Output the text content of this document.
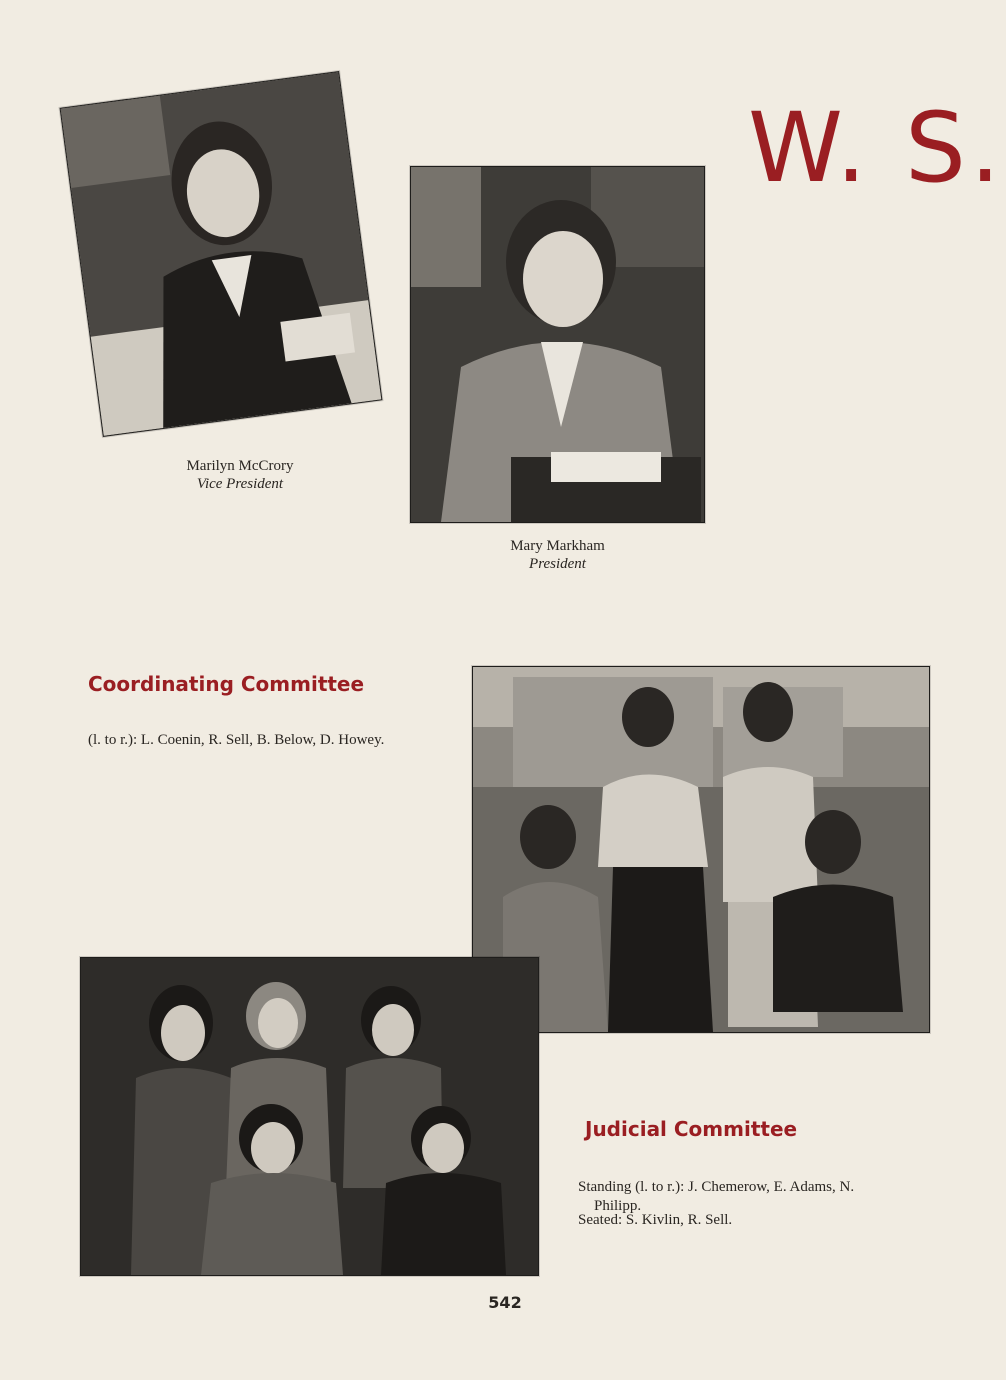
W. S.
Marilyn McCrory
Vice President
Mary Markham
President
Coordinating Committee
(l. to r.): L. Coenin, R. Sell, B. Below, D. Howey.
Judicial Committee
Standing (l. to r.): J. Chemerow, E. Adams, N.
Philipp.
Seated: S. Kivlin, R. Sell.
542
